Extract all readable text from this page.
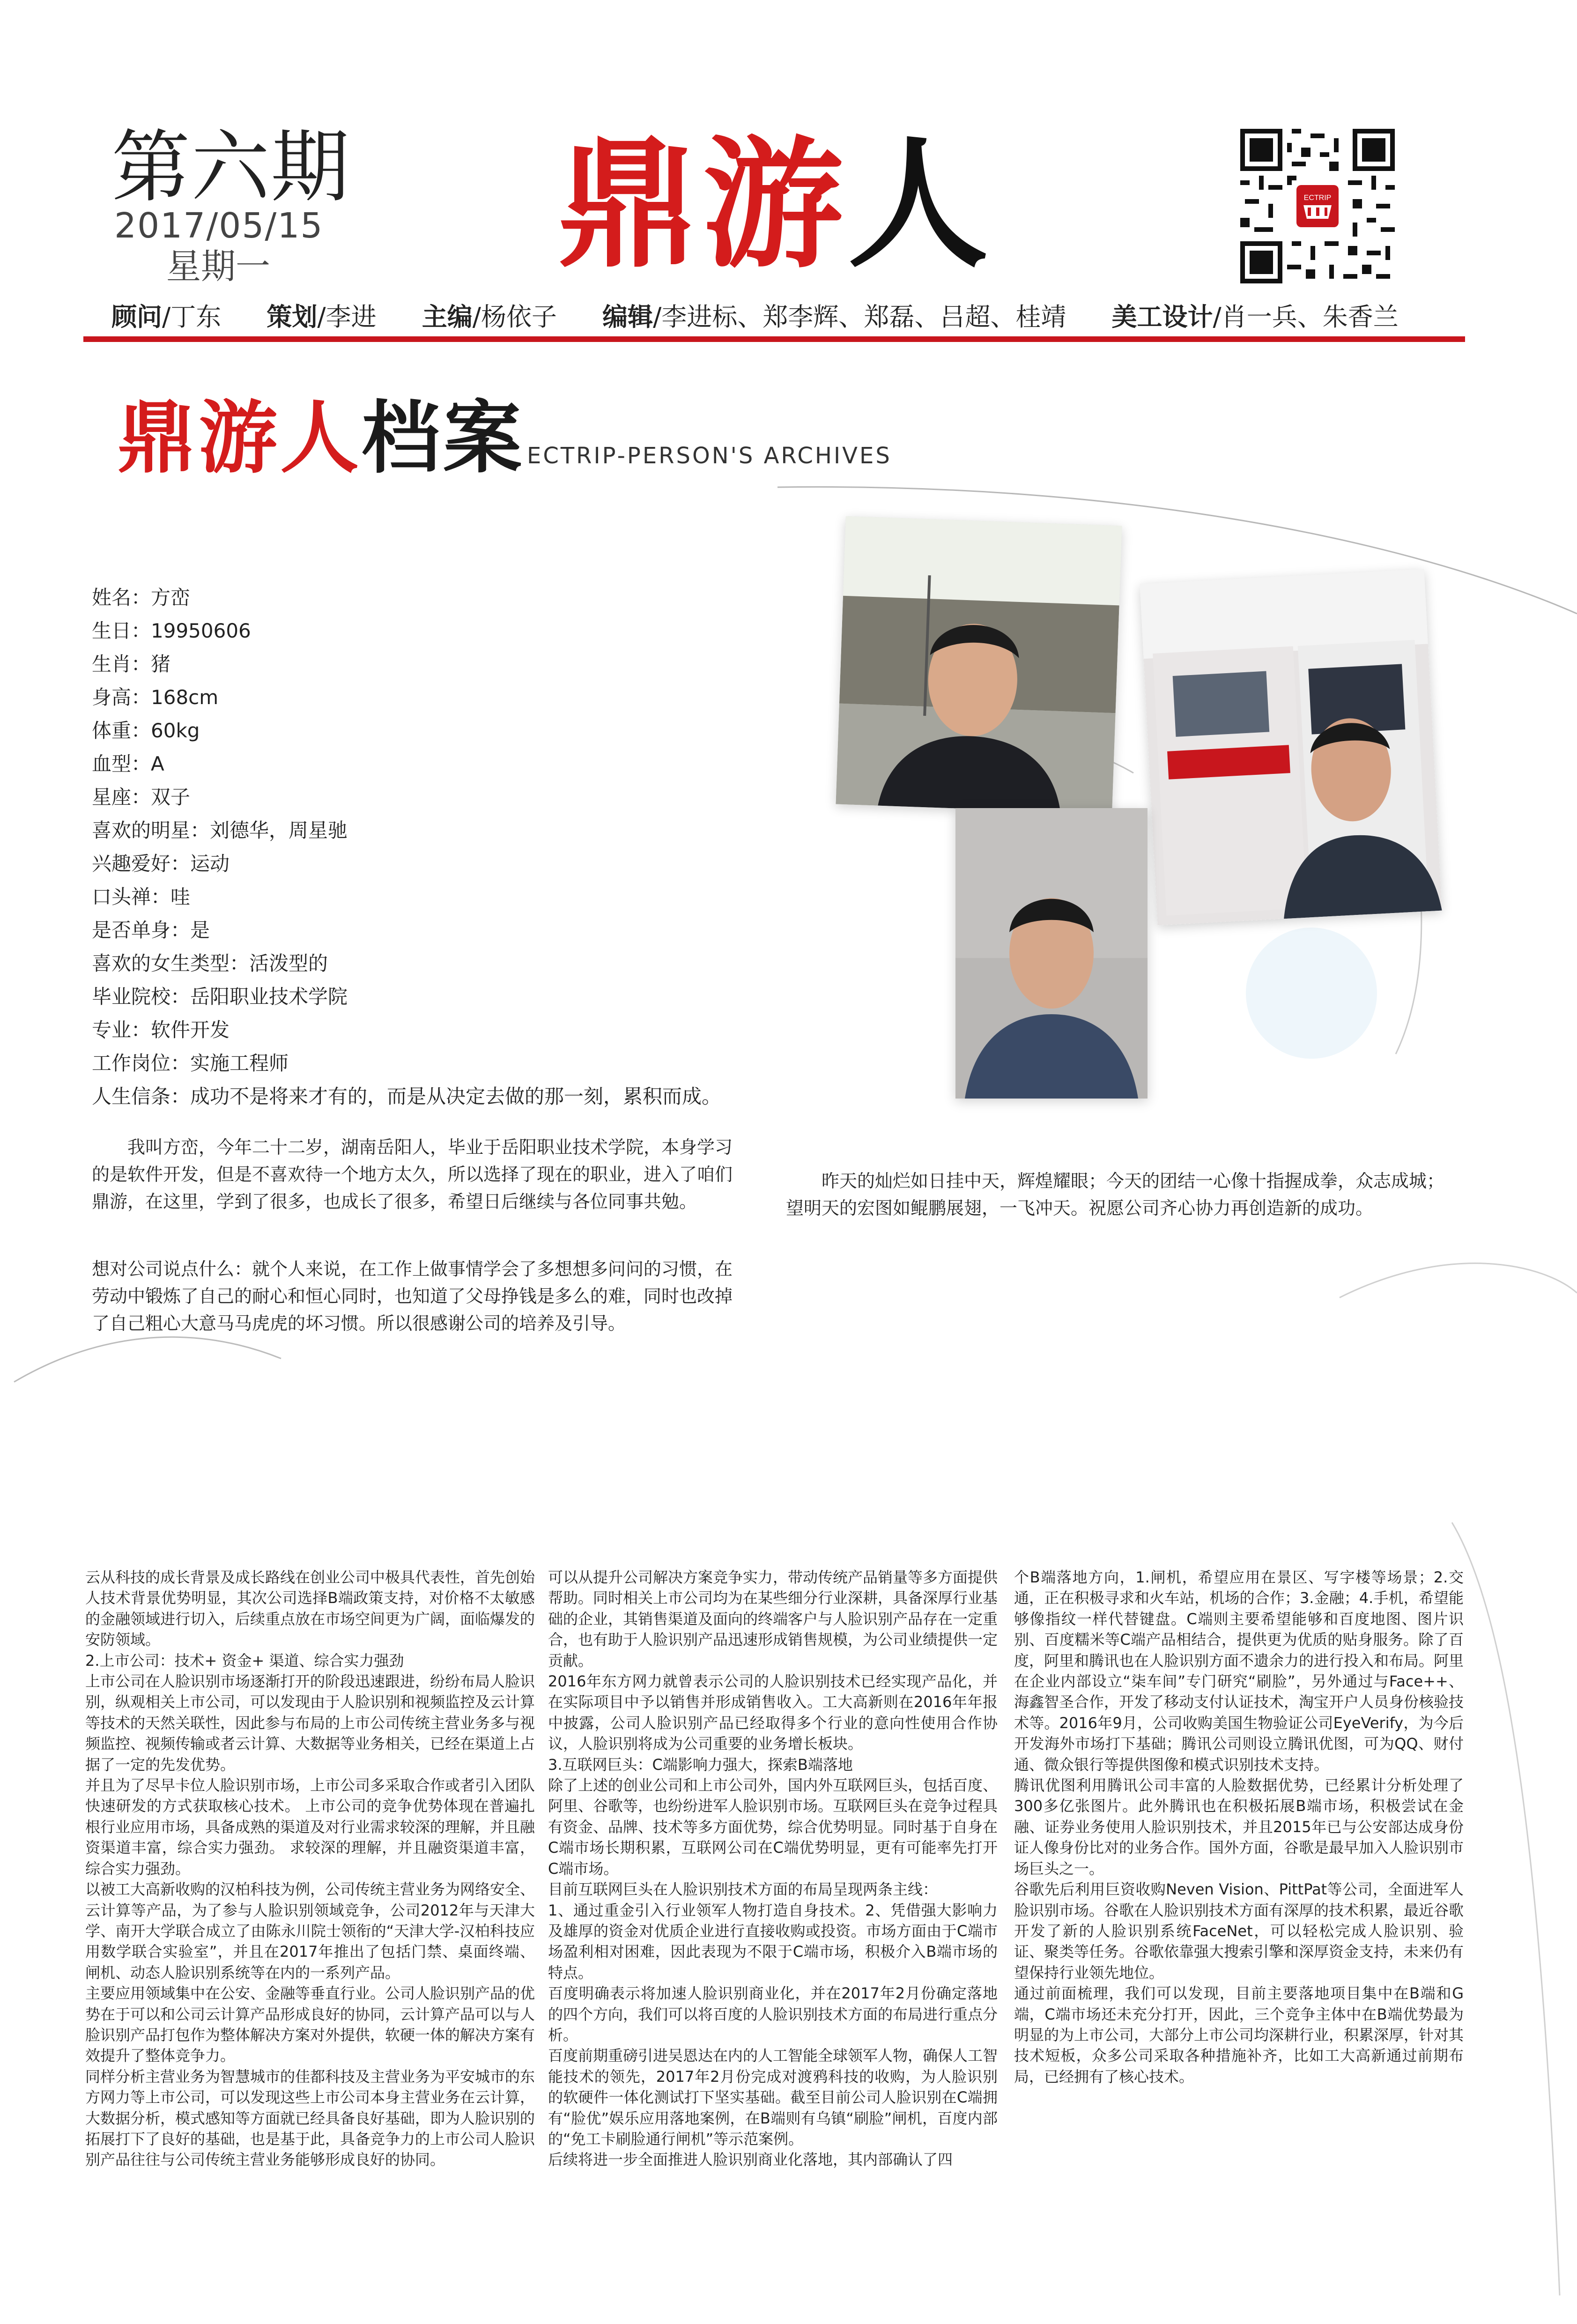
第六期
2017/05/15
星期一 鼎游人	ECTRIP
顾问/丁东 策划/李进 主编/杨依子 编辑/李进标、郑李辉、郑磊、吕超、桂靖 美工设计/肖一兵、朱香兰
鼎游人档案 ECTRIP-PERSON'S ARCHIVES
姓名：方峦
生日：19950606
生肖：猪
身高：168cm
体重：60kg
血型：A
星座：双子
喜欢的明星：刘德华，周星驰
兴趣爱好：运动
口头禅：哇
是否单身：是
喜欢的女生类型：活泼型的
毕业院校：岳阳职业技术学院
专业：软件开发
工作岗位：实施工程师
人生信条：成功不是将来才有的，而是从决定去做的那一刻，累积而成。
我叫方峦，今年二十二岁，湖南岳阳人，毕业于岳阳职业技术学院，本身学习的是软件开发，但是不喜欢待一个地方太久，所以选择了现在的职业，进入了咱们鼎游，在这里，学到了很多，也成长了很多，希望日后继续与各位同事共勉。
想对公司说点什么：就个人来说，在工作上做事情学会了多想想多问问的习惯，在劳动中锻炼了自己的耐心和恒心同时，也知道了父母挣钱是多么的难，同时也改掉了自己粗心大意马马虎虎的坏习惯。所以很感谢公司的培养及引导。
昨天的灿烂如日挂中天，辉煌耀眼；今天的团结一心像十指握成拳，众志成城；望明天的宏图如鲲鹏展翅，一飞冲天。祝愿公司齐心协力再创造新的成功。

云从科技的成长背景及成长路线在创业公司中极具代表性，首先创始人技术背景优势明显，其次公司选择B端政策支持，对价格不太敏感的金融领域进行切入，后续重点放在市场空间更为广阔，面临爆发的安防领域。

2.上市公司：技术+ 资金+ 渠道、综合实力强劲

上市公司在人脸识别市场逐渐打开的阶段迅速跟进，纷纷布局人脸识别，纵观相关上市公司，可以发现由于人脸识别和视频监控及云计算等技术的天然关联性，因此参与布局的上市公司传统主营业务多与视频监控、视频传输或者云计算、大数据等业务相关，已经在渠道上占据了一定的先发优势。

并且为了尽早卡位人脸识别市场，上市公司多采取合作或者引入团队快速研发的方式获取核心技术。 上市公司的竞争优势体现在普遍扎根行业应用市场，具备成熟的渠道及对行业需求较深的理解，并且融资渠道丰富，综合实力强劲。 求较深的理解，并且融资渠道丰富，综合实力强劲。

以被工大高新收购的汉柏科技为例，公司传统主营业务为网络安全、云计算等产品，为了参与人脸识别领域竞争，公司2012年与天津大学、南开大学联合成立了由陈永川院士领衔的“天津大学-汉柏科技应用数学联合实验室”，并且在2017年推出了包括门禁、桌面终端、闸机、动态人脸识别系统等在内的一系列产品。

主要应用领域集中在公安、金融等垂直行业。公司人脸识别产品的优势在于可以和公司云计算产品形成良好的协同，云计算产品可以与人脸识别产品打包作为整体解决方案对外提供，软硬一体的解决方案有效提升了整体竞争力。

同样分析主营业务为智慧城市的佳都科技及主营业务为平安城市的东方网力等上市公司，可以发现这些上市公司本身主营业务在云计算，大数据分析，模式感知等方面就已经具备良好基础，即为人脸识别的拓展打下了良好的基础，也是基于此，具备竞争力的上市公司人脸识别产品往往与公司传统主营业务能够形成良好的协同。

可以从提升公司解决方案竞争实力，带动传统产品销量等多方面提供帮助。同时相关上市公司均为在某些细分行业深耕，具备深厚行业基础的企业，其销售渠道及面向的终端客户与人脸识别产品存在一定重合，也有助于人脸识别产品迅速形成销售规模，为公司业绩提供一定贡献。

2016年东方网力就曾表示公司的人脸识别技术已经实现产品化，并在实际项目中予以销售并形成销售收入。工大高新则在2016年年报中披露，公司人脸识别产品已经取得多个行业的意向性使用合作协议，人脸识别将成为公司重要的业务增长板块。

3.互联网巨头：C端影响力强大，探索B端落地

除了上述的创业公司和上市公司外，国内外互联网巨头，包括百度、阿里、谷歌等，也纷纷进军人脸识别市场。互联网巨头在竞争过程具有资金、品牌、技术等多方面优势，综合优势明显。同时基于自身在C端市场长期积累，互联网公司在C端优势明显，更有可能率先打开C端市场。

目前互联网巨头在人脸识别技术方面的布局呈现两条主线：

1、通过重金引入行业领军人物打造自身技术。2、凭借强大影响力及雄厚的资金对优质企业进行直接收购或投资。市场方面由于C端市场盈利相对困难，因此表现为不限于C端市场，积极介入B端市场的特点。

百度明确表示将加速人脸识别商业化，并在2017年2月份确定落地的四个方向，我们可以将百度的人脸识别技术方面的布局进行重点分析。

百度前期重磅引进吴恩达在内的人工智能全球领军人物，确保人工智能技术的领先，2017年2月份完成对渡鸦科技的收购，为人脸识别的软硬件一体化测试打下坚实基础。截至目前公司人脸识别在C端拥有“脸优”娱乐应用落地案例，在B端则有乌镇“刷脸”闸机，百度内部的“免工卡刷脸通行闸机”等示范案例。

后续将进一步全面推进人脸识别商业化落地，其内部确认了四

个B端落地方向，1.闸机，希望应用在景区、写字楼等场景；2.交通，正在积极寻求和火车站，机场的合作；3.金融；4.手机，希望能够像指纹一样代替键盘。C端则主要希望能够和百度地图、图片识别、百度糯米等C端产品相结合，提供更为优质的贴身服务。除了百度，阿里和腾讯也在人脸识别方面不遗余力的进行投入和布局。阿里在企业内部设立“柒车间”专门研究“刷脸”，另外通过与Face++、海鑫智圣合作，开发了移动支付认证技术，淘宝开户人员身份核验技术等。2016年9月，公司收购美国生物验证公司EyeVerify，为今后开发海外市场打下基础；腾讯公司则设立腾讯优图，可为QQ、财付通、微众银行等提供图像和模式识别技术支持。

腾讯优图利用腾讯公司丰富的人脸数据优势，已经累计分析处理了300多亿张图片。此外腾讯也在积极拓展B端市场，积极尝试在金融、证券业务使用人脸识别技术，并且2015年已与公安部达成身份证人像身份比对的业务合作。国外方面，谷歌是最早加入人脸识别市场巨头之一。

谷歌先后利用巨资收购Neven Vision、PittPat等公司，全面进军人脸识别市场。谷歌在人脸识别技术方面有深厚的技术积累，最近谷歌开发了新的人脸识别系统FaceNet，可以轻松完成人脸识别、验证、聚类等任务。谷歌依靠强大搜索引擎和深厚资金支持，未来仍有望保持行业领先地位。

通过前面梳理，我们可以发现，目前主要落地项目集中在B端和G端，C端市场还未充分打开，因此，三个竞争主体中在B端优势最为明显的为上市公司，大部分上市公司均深耕行业，积累深厚，针对其技术短板，众多公司采取各种措施补齐，比如工大高新通过前期布局，已经拥有了核心技术。
